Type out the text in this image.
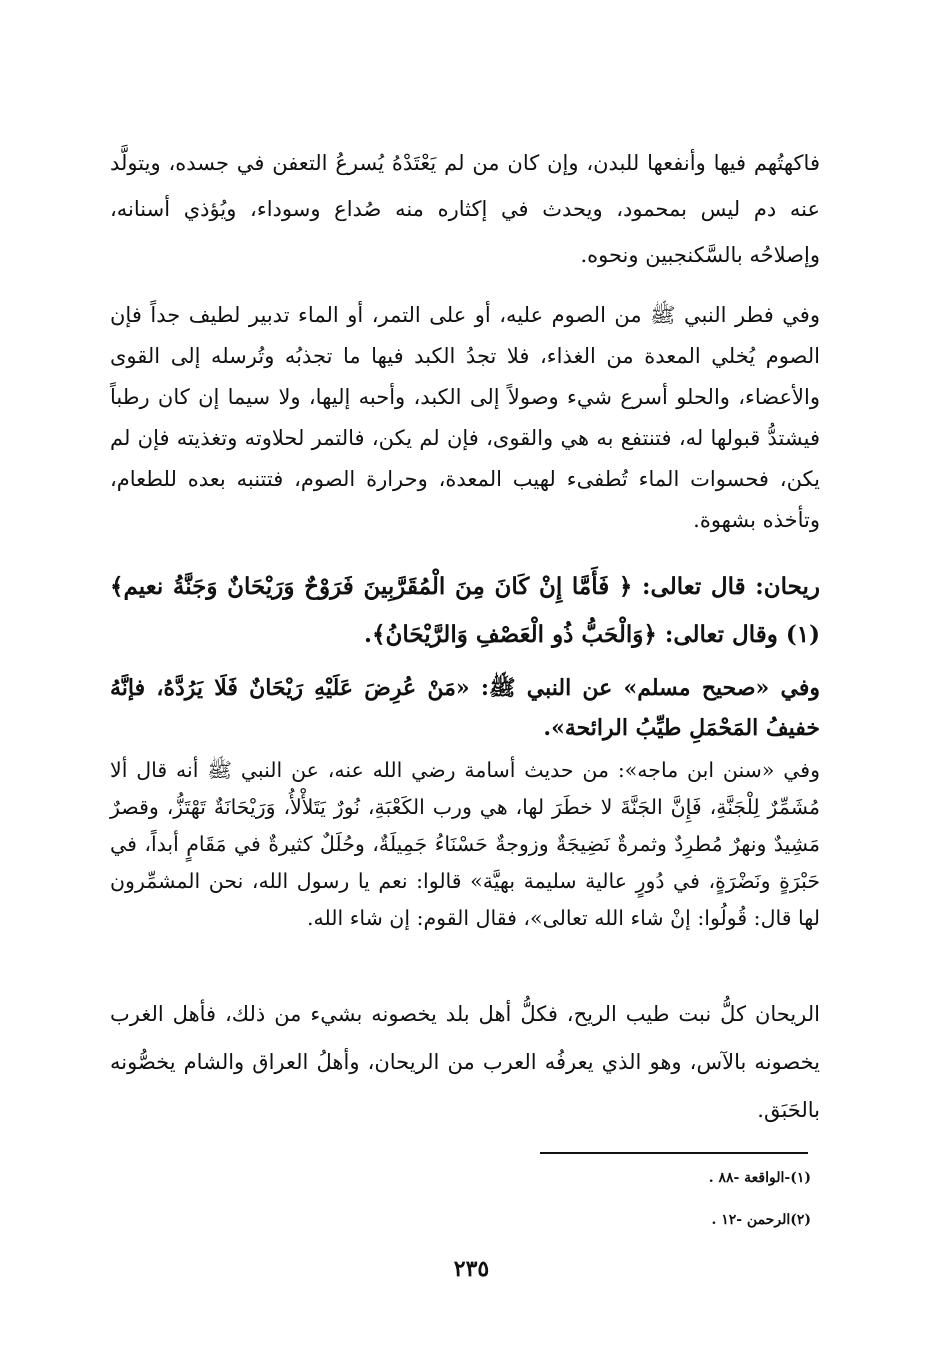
فاكهتُهم فيها وأنفعها للبدن، وإن كان من لم يَعْتَدْهُ يُسرعُ التعفن في جسده، ويتولَّد عنه دم ليس بمحمود، ويحدث في إكثاره منه صُداع وسوداء، ويُؤذي أسنانه، وإصلاحُه بالسَّكنجبين ونحوه.

وفي فطر النبي ﷺ من الصوم عليه، أو على التمر، أو الماء تدبير لطيف جداً فإن الصوم يُخلي المعدة من الغذاء، فلا تجدُ الكبد فيها ما تجذبُه وتُرسله إلى القوى والأعضاء، والحلو أسرع شيء وصولاً إلى الكبد، وأحبه إليها، ولا سيما إن كان رطباً فيشتدُّ قبولها له، فتنتفع به هي والقوى، فإن لم يكن، فالتمر لحلاوته وتغذيته فإن لم يكن، فحسوات الماء تُطفىء لهيب المعدة، وحرارة الصوم، فتتنبه بعده للطعام، وتأخذه بشهوة.

ريحان: قال تعالى: ﴿ فَأَمَّا إِنْ كَانَ مِنَ الْمُقَرَّبِينَ فَرَوْحٌ وَرَيْحَانٌ وَجَنَّةُ نعيم﴾ (١) وقال تعالى: ﴿وَالْحَبُّ ذُو الْعَصْفِ وَالرَّيْحَانُ﴾.

وفي «صحيح مسلم» عن النبي ﷺ: «مَنْ عُرِضَ عَلَيْهِ رَيْحَانٌ فَلَا يَرُدَّهُ، فإنَّهُ خفيفُ المَحْمَلِ طيِّبُ الرائحة».

وفي «سنن ابن ماجه»: من حديث أسامة رضي الله عنه، عن النبي ﷺ أنه قال ألا مُشَمِّرٌ لِلْجَنَّةِ، فَإِنَّ الجَنَّةَ لا خطَرَ لها، هي ورب الكَعْبَةِ، نُورٌ يَتَلأْلأُ، وَرَيْحَانَةٌ تَهْتَزُّ، وقصرٌ مَشِيدٌ ونهرٌ مُطرِدٌ وثمرةٌ نَضِيجَةٌ وزوجةٌ حَسْنَاءُ جَمِيلَةٌ، وحُلَلٌ كثيرةٌ في مَقَامٍ أبداً، في حَبْرَةٍ ونَضْرَةٍ، في دُورٍ عالية سليمة بهيَّة» قالوا: نعم يا رسول الله، نحن المشمِّرون لها قال: قُولُوا: إنْ شاء الله تعالى»، فقال القوم: إن شاء الله.

الريحان كلُّ نبت طيب الريح، فكلُّ أهل بلد يخصونه بشيء من ذلك، فأهل الغرب يخصونه بالآس، وهو الذي يعرفُه العرب من الريحان، وأهلُ العراق والشام يخصُّونه بالحَبَق.

(١)-الواقعة -٨٨ .
(٢)الرحمن -١٢ .
٢٣٥
